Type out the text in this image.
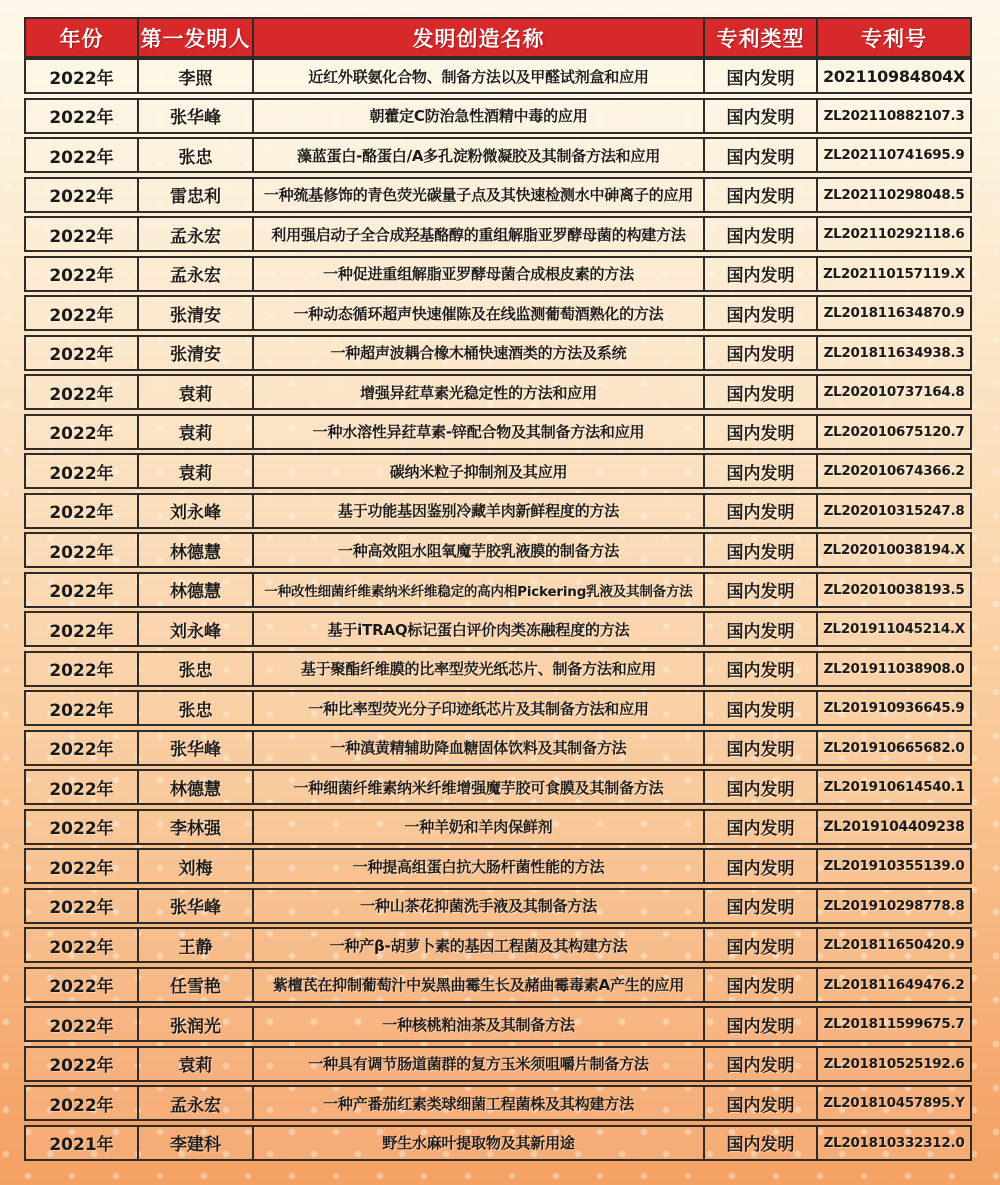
年份	第一发明人	发明创造名称	专利类型	专利号
2022年	李照	近红外联氨化合物、制备方法以及甲醛试剂盒和应用	国内发明	202110984804X
2022年	张华峰	朝藿定C防治急性酒精中毒的应用	国内发明	ZL202110882107.3
2022年	张忠	藻蓝蛋白-酪蛋白/A多孔淀粉微凝胶及其制备方法和应用	国内发明	ZL202110741695.9
2022年	雷忠利	一种巯基修饰的青色荧光碳量子点及其快速检测水中砷离子的应用	国内发明	ZL202110298048.5
2022年	孟永宏	利用强启动子全合成羟基酪醇的重组解脂亚罗酵母菌的构建方法	国内发明	ZL202110292118.6
2022年	孟永宏	一种促进重组解脂亚罗酵母菌合成根皮素的方法	国内发明	ZL202110157119.X
2022年	张清安	一种动态循环超声快速催陈及在线监测葡萄酒熟化的方法	国内发明	ZL201811634870.9
2022年	张清安	一种超声波耦合橡木桶快速酒类的方法及系统	国内发明	ZL201811634938.3
2022年	袁莉	增强异荭草素光稳定性的方法和应用	国内发明	ZL202010737164.8
2022年	袁莉	一种水溶性异荭草素-锌配合物及其制备方法和应用	国内发明	ZL202010675120.7
2022年	袁莉	碳纳米粒子抑制剂及其应用	国内发明	ZL202010674366.2
2022年	刘永峰	基于功能基因鉴别冷藏羊肉新鲜程度的方法	国内发明	ZL202010315247.8
2022年	林德慧	一种高效阻水阻氧魔芋胶乳液膜的制备方法	国内发明	ZL202010038194.X
2022年	林德慧	一种改性细菌纤维素纳米纤维稳定的高内相Pickering乳液及其制备方法	国内发明	ZL202010038193.5
2022年	刘永峰	基于iTRAQ标记蛋白评价肉类冻融程度的方法	国内发明	ZL201911045214.X
2022年	张忠	基于聚酯纤维膜的比率型荧光纸芯片、制备方法和应用	国内发明	ZL201911038908.0
2022年	张忠	一种比率型荧光分子印迹纸芯片及其制备方法和应用	国内发明	ZL201910936645.9
2022年	张华峰	一种滇黄精辅助降血糖固体饮料及其制备方法	国内发明	ZL201910665682.0
2022年	林德慧	一种细菌纤维素纳米纤维增强魔芋胶可食膜及其制备方法	国内发明	ZL201910614540.1
2022年	李林强	一种羊奶和羊肉保鲜剂	国内发明	ZL2019104409238
2022年	刘梅	一种提高组蛋白抗大肠杆菌性能的方法	国内发明	ZL201910355139.0
2022年	张华峰	一种山茶花抑菌洗手液及其制备方法	国内发明	ZL201910298778.8
2022年	王静	一种产β-胡萝卜素的基因工程菌及其构建方法	国内发明	ZL201811650420.9
2022年	任雪艳	紫檀芪在抑制葡萄汁中炭黑曲霉生长及赭曲霉毒素A产生的应用	国内发明	ZL201811649476.2
2022年	张润光	一种核桃粕油茶及其制备方法	国内发明	ZL201811599675.7
2022年	袁莉	一种具有调节肠道菌群的复方玉米须咀嚼片制备方法	国内发明	ZL201810525192.6
2022年	孟永宏	一种产番茄红素类球细菌工程菌株及其构建方法	国内发明	ZL201810457895.Y
2021年	李建科	野生水麻叶提取物及其新用途	国内发明	ZL201810332312.0
